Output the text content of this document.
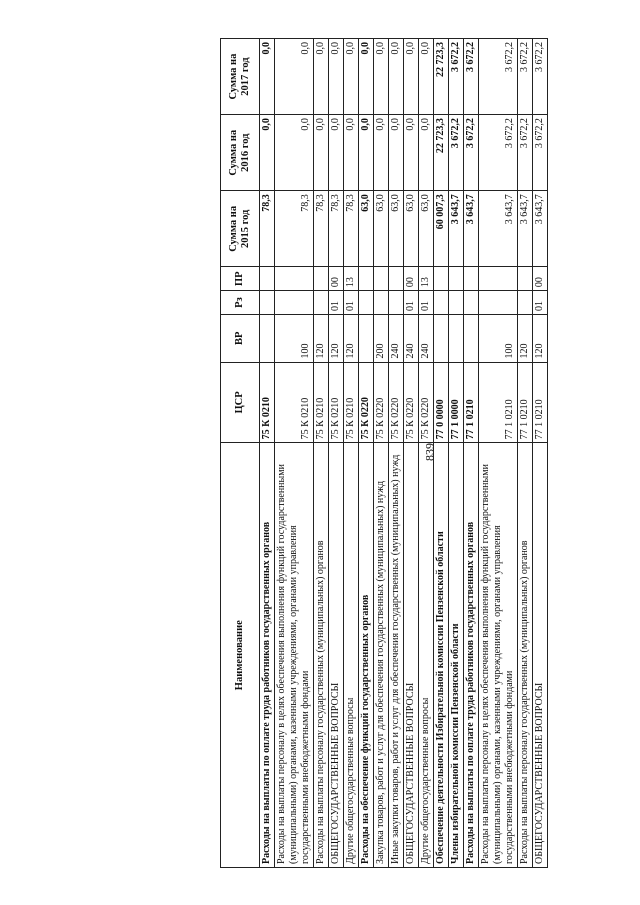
839
Наименование	ЦСР	ВР	Рз	ПР	Сумма на 2015 год	Сумма на 2016 год	Сумма на 2017 год
Расходы на выплаты по оплате труда работников государственных органов	75 К 0210				78,3	0,0	0,0
Расходы на выплаты персоналу в целях обеспечения выполнения функций государственными (муниципальными) органами, казенными учреждениями, органами управления государственными внебюджетными фондами	75 К 0210	100			78,3	0,0	0,0
Расходы на выплаты персоналу государственных (муниципальных) органов	75 К 0210	120			78,3	0,0	0,0
ОБЩЕГОСУДАРСТВЕННЫЕ ВОПРОСЫ	75 К 0210	120	01	00	78,3	0,0	0,0
Другие общегосударственные вопросы	75 К 0210	120	01	13	78,3	0,0	0,0
Расходы на обеспечение функций государственных органов	75 К 0220				63,0	0,0	0,0
Закупка товаров, работ и услуг для обеспечения государственных (муниципальных) нужд	75 К 0220	200			63,0	0,0	0,0
Иные закупки товаров, работ и услуг для обеспечения государственных (муниципальных) нужд	75 К 0220	240			63,0	0,0	0,0
ОБЩЕГОСУДАРСТВЕННЫЕ ВОПРОСЫ	75 К 0220	240	01	00	63,0	0,0	0,0
Другие общегосударственные вопросы	75 К 0220	240	01	13	63,0	0,0	0,0
Обеспечение деятельности Избирательной комиссии Пензенской области	77 0 0000				60 007,3	22 723,3	22 723,3
Члены избирательной комиссии Пензенской области	77 1 0000				3 643,7	3 672,2	3 672,2
Расходы на выплаты по оплате труда работников государственных органов	77 1 0210				3 643,7	3 672,2	3 672,2
Расходы на выплаты персоналу в целях обеспечения выполнения функций государственными (муниципальными) органами, казенными учреждениями, органами управления государственными внебюджетными фондами	77 1 0210	100			3 643,7	3 672,2	3 672,2
Расходы на выплаты персоналу государственных (муниципальных) органов	77 1 0210	120			3 643,7	3 672,2	3 672,2
ОБЩЕГОСУДАРСТВЕННЫЕ ВОПРОСЫ	77 1 0210	120	01	00	3 643,7	3 672,2	3 672,2
